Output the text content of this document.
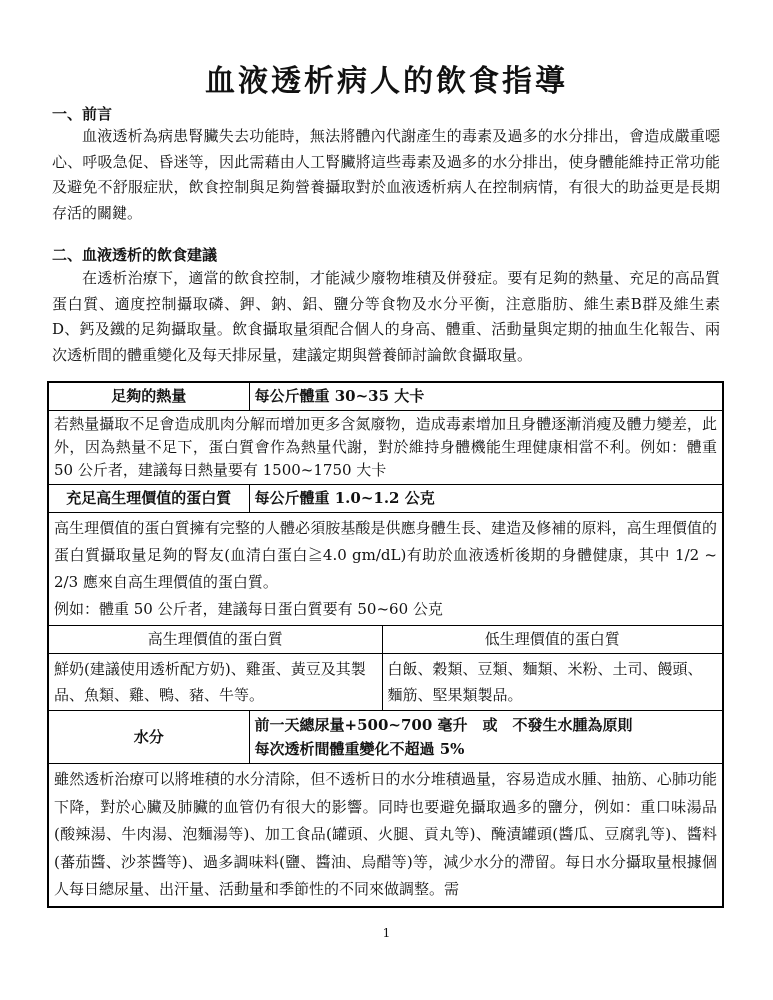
血液透析病人的飲食指導
一、前言
血液透析為病患腎臟失去功能時，無法將體內代謝產生的毒素及過多的水分排出，會造成嚴重噁心、呼吸急促、昏迷等，因此需藉由人工腎臟將這些毒素及過多的水分排出，使身體能維持正常功能及避免不舒服症狀，飲食控制與足夠營養攝取對於血液透析病人在控制病情，有很大的助益更是長期存活的關鍵。
二、血液透析的飲食建議
在透析治療下，適當的飲食控制，才能減少廢物堆積及併發症。要有足夠的熱量、充足的高品質蛋白質、適度控制攝取磷、鉀、鈉、鋁、鹽分等食物及水分平衡，注意脂肪、維生素B群及維生素D、鈣及鐵的足夠攝取量。飲食攝取量須配合個人的身高、體重、活動量與定期的抽血生化報告、兩次透析間的體重變化及每天排尿量，建議定期與營養師討論飲食攝取量。
足夠的熱量	每公斤體重 30~35 大卡	
若熱量攝取不足會造成肌肉分解而增加更多含氮廢物，造成毒素增加且身體逐漸消瘦及體力變差，此外，因為熱量不足下，蛋白質會作為熱量代謝，對於維持身體機能生理健康相當不利。例如：體重 50 公斤者，建議每日熱量要有 1500~1750 大卡		
充足高生理價值的蛋白質	每公斤體重 1.0~1.2 公克	

高生理價值的蛋白質擁有完整的人體必須胺基酸是供應身體生長、建造及修補的原料，高生理價值的蛋白質攝取量足夠的腎友(血清白蛋白≧4.0 gm/dL)有助於血液透析後期的身體健康，其中 1/2 ~ 2/3 應來自高生理價值的蛋白質。
例如：體重 50 公斤者，建議每日蛋白質要有 50~60 公克		

高生理價值的蛋白質		低生理價值的蛋白質
鮮奶(建議使用透析配方奶)、雞蛋、黃豆及其製品、魚類、雞、鴨、豬、牛等。		白飯、穀類、豆類、麵類、米粉、土司、饅頭、麵筋、堅果類製品。
水分	前一天總尿量+500~700 毫升　或　不發生水腫為原則
每次透析間體重變化不超過 5%	

雖然透析治療可以將堆積的水分清除，但不透析日的水分堆積過量，容易造成水腫、抽筋、心肺功能下降，對於心臟及肺臟的血管仍有很大的影響。同時也要避免攝取過多的鹽分，例如：重口味湯品(酸辣湯、牛肉湯、泡麵湯等)、加工食品(罐頭、火腿、貢丸等)、醃漬罐頭(醬瓜、豆腐乳等)、醬料(蕃茄醬、沙茶醬等)、過多調味料(鹽、醬油、烏醋等)等，減少水分的滯留。每日水分攝取量根據個人每日總尿量、出汗量、活動量和季節性的不同來做調整。需		
1
